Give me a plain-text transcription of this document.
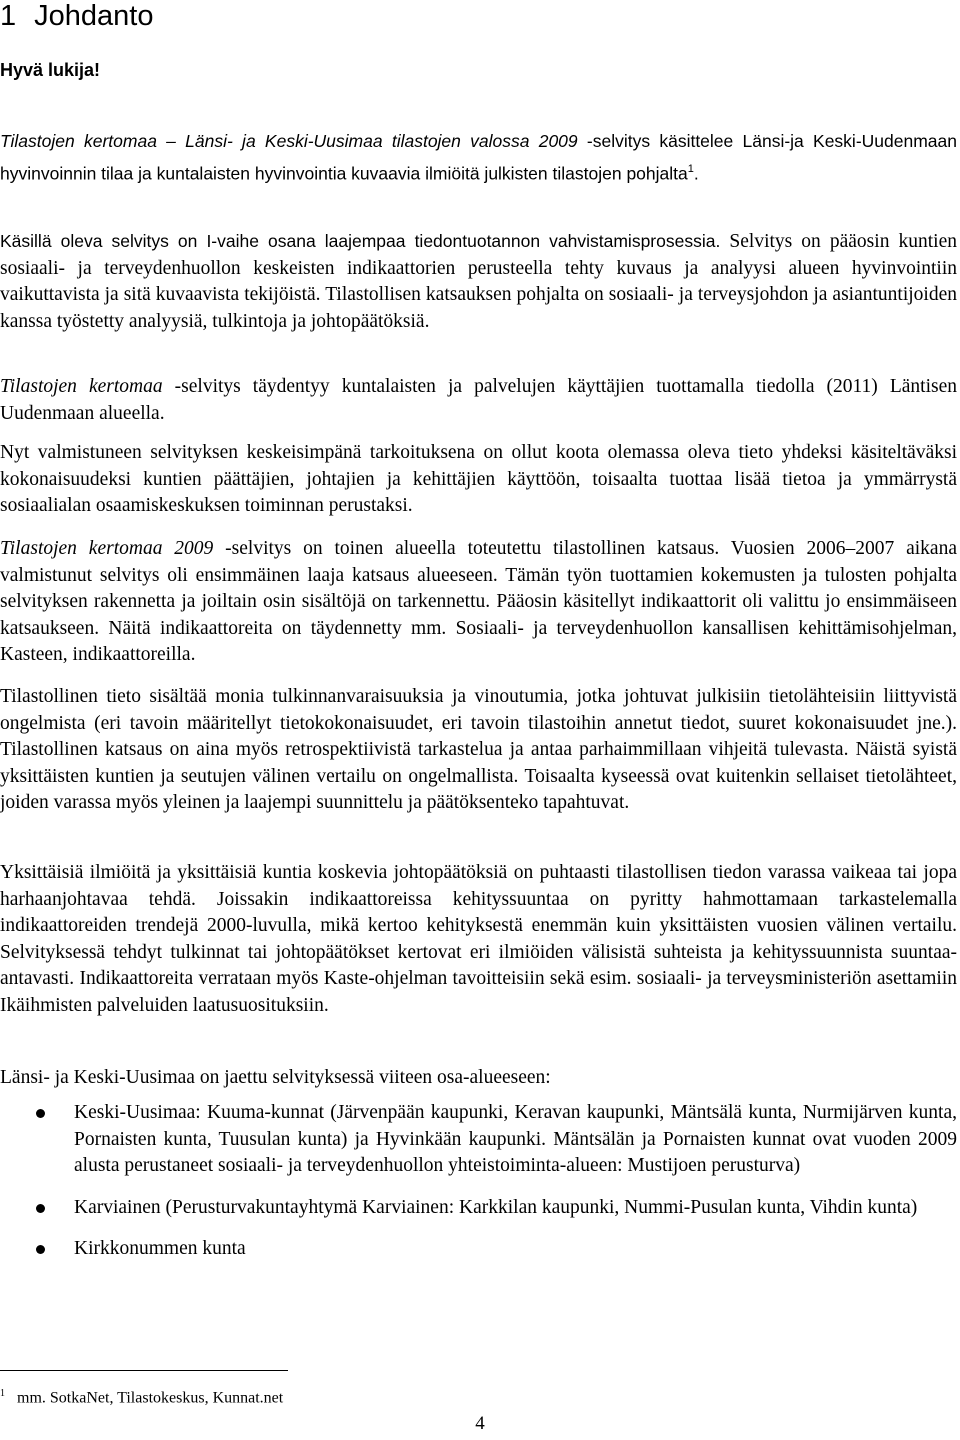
1 Johdanto
Hyvä lukija!

Tilastojen kertomaa – Länsi- ja Keski-Uusimaa tilastojen valossa 2009 -selvitys käsittelee Länsi-ja Keski-Uudenmaan hyvinvoinnin tilaa ja kuntalaisten hyvinvointia kuvaavia ilmiöitä julkisten tilastojen pohjalta$^1$.

Käsillä oleva selvitys on I-vaihe osana laajempaa tiedontuotannon vahvistamisprosessia. Selvitys on pääosin kuntien sosiaali- ja terveydenhuollon keskeisten indikaattorien perusteella tehty kuvaus ja analyysi alueen hyvinvointiin vaikuttavista ja sitä kuvaavista tekijöistä. Tilastollisen katsauksen pohjalta on sosiaali- ja terveysjohdon ja asiantuntijoiden kanssa työstetty analyysiä, tulkintoja ja johtopäätöksiä.

Tilastojen kertomaa -selvitys täydentyy kuntalaisten ja palvelujen käyttäjien tuottamalla tiedolla (2011) Läntisen Uudenmaan alueella.

Nyt valmistuneen selvityksen keskeisimpänä tarkoituksena on ollut koota olemassa oleva tieto yhdeksi käsiteltäväksi kokonaisuudeksi kuntien päättäjien, johtajien ja kehittäjien käyttöön, toisaalta tuottaa lisää tietoa ja ymmärrystä sosiaalialan osaamiskeskuksen toiminnan perustaksi.

Tilastojen kertomaa 2009 -selvitys on toinen alueella toteutettu tilastollinen katsaus. Vuosien 2006–2007 aikana valmistunut selvitys oli ensimmäinen laaja katsaus alueeseen. Tämän työn tuottamien kokemusten ja tulosten pohjalta selvityksen rakennetta ja joiltain osin sisältöjä on tarkennettu. Pääosin käsitellyt indikaattorit oli valittu jo ensimmäiseen katsaukseen. Näitä indikaattoreita on täydennetty mm. Sosiaali- ja terveydenhuollon kansallisen kehittämisohjelman, Kasteen, indikaattoreilla.

Tilastollinen tieto sisältää monia tulkinnanvaraisuuksia ja vinoutumia, jotka johtuvat julkisiin tietolähteisiin liittyvistä ongelmista (eri tavoin määritellyt tietokokonaisuudet, eri tavoin tilastoihin annetut tiedot, suuret kokonaisuudet jne.). Tilastollinen katsaus on aina myös retrospektiivistä tarkastelua ja antaa parhaimmillaan vihjeitä tulevasta. Näistä syistä yksittäisten kuntien ja seutujen välinen vertailu on ongelmallista. Toisaalta kyseessä ovat kuitenkin sellaiset tietolähteet, joiden varassa myös yleinen ja laajempi suunnittelu ja päätöksenteko tapahtuvat.

Yksittäisiä ilmiöitä ja yksittäisiä kuntia koskevia johtopäätöksiä on puhtaasti tilastollisen tiedon varassa vaikeaa tai jopa harhaanjohtavaa tehdä. Joissakin indikaattoreissa kehityssuuntaa on pyritty hahmottamaan tarkastelemalla indikaattoreiden trendejä 2000-luvulla, mikä kertoo kehityksestä enemmän kuin yksittäisten vuosien välinen vertailu. Selvityksessä tehdyt tulkinnat tai johtopäätökset kertovat eri ilmiöiden välisistä suhteista ja kehityssuunnista suuntaa-antavasti. Indikaattoreita verrataan myös Kaste-ohjelman tavoitteisiin sekä esim. sosiaali- ja terveysministeriön asettamiin Ikäihmisten palveluiden laatusuosituksiin.

Länsi- ja Keski-Uusimaa on jaettu selvityksessä viiteen osa-alueeseen:

Keski-Uusimaa: Kuuma-kunnat (Järvenpään kaupunki, Keravan kaupunki, Mäntsälä kunta, Nurmijärven kunta, Pornaisten kunta, Tuusulan kunta) ja Hyvinkään kaupunki. Mäntsälän ja Pornaisten kunnat ovat vuoden 2009 alusta perustaneet sosiaali- ja terveydenhuollon yhteistoiminta-alueen: Mustijoen perusturva)
Karviainen (Perusturvakuntayhtymä Karviainen: Karkkilan kaupunki, Nummi-Pusulan kunta, Vihdin kunta)
Kirkkonummen kunta
$^1$ mm. SotkaNet, Tilastokeskus, Kunnat.net
4
